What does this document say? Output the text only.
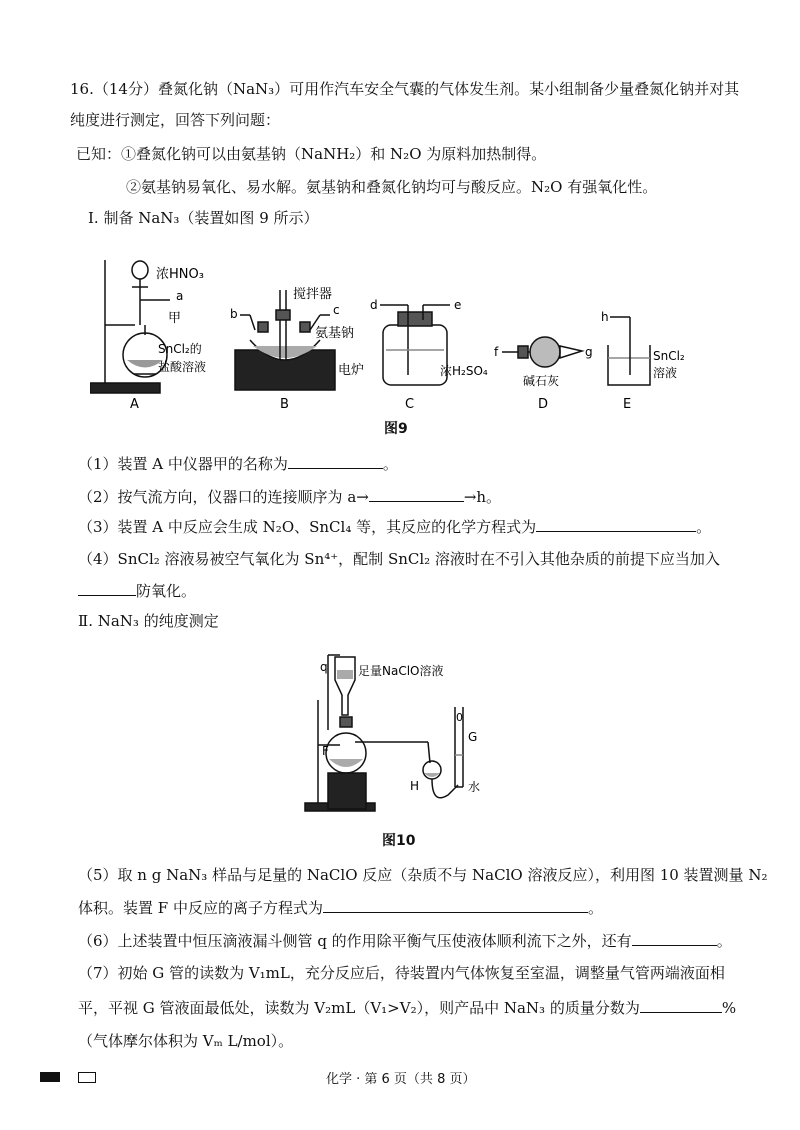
16.（14分）叠氮化钠（NaN₃）可用作汽车安全气囊的气体发生剂。某小组制备少量叠氮化钠并对其
纯度进行测定，回答下列问题：
已知：①叠氮化钠可以由氨基钠（NaNH₂）和 N₂O 为原料加热制得。
②氨基钠易氧化、易水解。氨基钠和叠氮化钠均可与酸反应。N₂O 有强氧化性。
Ⅰ. 制备 NaN₃（装置如图 9 所示）
浓HNO₃
a
甲
SnCl₂的
盐酸溶液
A
b	c
搅拌器
氨基钠
电炉
B
d	e
浓H₂SO₄
C
f	g
碱石灰
D
h
SnCl₂
溶液
E
图9
（1）装置 A 中仪器甲的名称为	。
（2）按气流方向，仪器口的连接顺序为 a→	→h。
（3）装置 A 中反应会生成 N₂O、SnCl₄ 等，其反应的化学方程式为	。
（4）SnCl₂ 溶液易被空气氧化为 Sn⁴⁺，配制 SnCl₂ 溶液时在不引入其他杂质的前提下应当加入
防氧化。
Ⅱ. NaN₃ 的纯度测定
q	足量NaClO溶液
F
0
G
H	水
图10
（5）取 n g NaN₃ 样品与足量的 NaClO 反应（杂质不与 NaClO 溶液反应），利用图 10 装置测量 N₂
体积。装置 F 中反应的离子方程式为	。
（6）上述装置中恒压滴液漏斗侧管 q 的作用除平衡气压使液体顺利流下之外，还有	。
（7）初始 G 管的读数为 V₁mL，充分反应后，待装置内气体恢复至室温，调整量气管两端液面相
平，平视 G 管液面最低处，读数为 V₂mL（V₁>V₂），则产品中 NaN₃ 的质量分数为	%
（气体摩尔体积为 Vₘ L/mol）。
化学 · 第 6 页（共 8 页）
